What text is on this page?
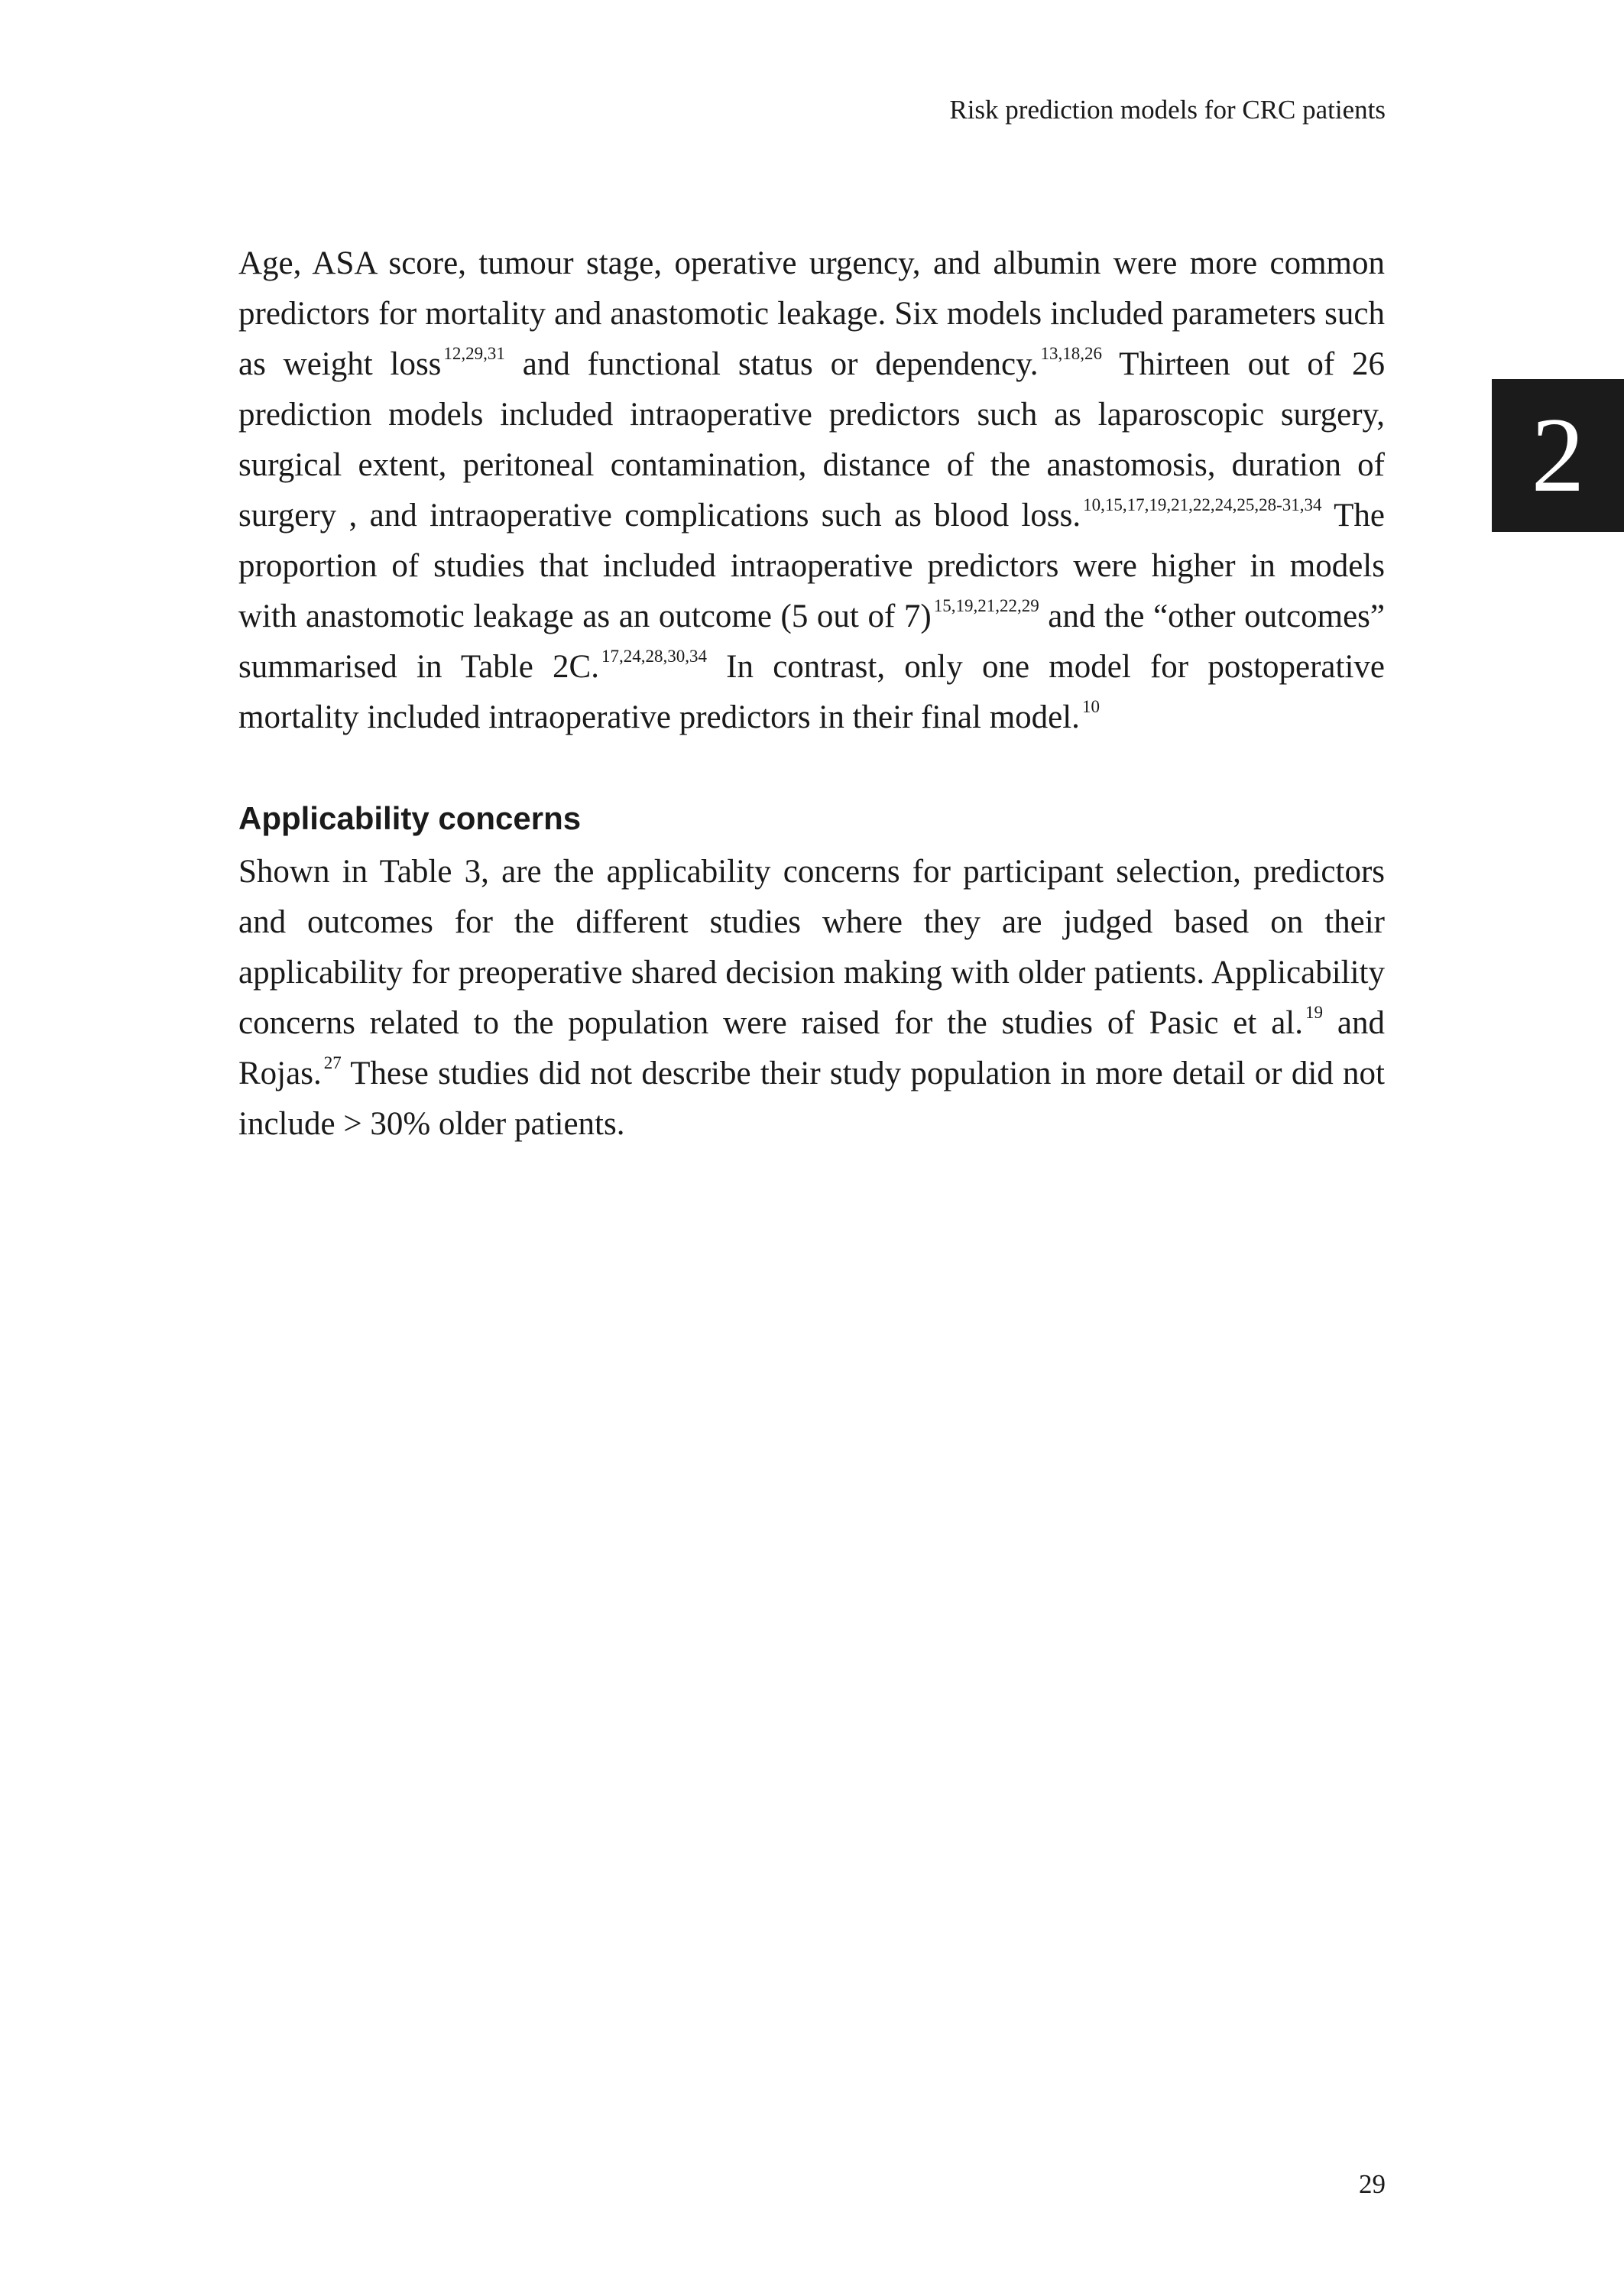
Risk prediction models for CRC patients
2

Age, ASA score, tumour stage, operative urgency, and albumin were more common predictors for mortality and anastomotic leakage. Six models included parameters such as weight loss $^{12,29,31}$ and functional status or dependency. $^{13,18,26}$ Thirteen out of 26 prediction models included intraoperative predictors such as laparoscopic surgery, surgical extent, peritoneal contamination, distance of the anastomosis, duration of surgery , and intraoperative complications such as blood loss. $^{10,15,17,19,21,22,24,25,28-31,34}$ The proportion of studies that included intraoperative predictors were higher in models with anastomotic leakage as an outcome (5 out of 7) $^{15,19,21,22,29}$ and the “other outcomes” summarised in Table 2C. $^{17,24,28,30,34}$ In contrast, only one model for postoperative mortality included intraoperative predictors in their final model. $^{10}$

Applicability concerns

Shown in Table 3, are the applicability concerns for participant selection, predictors and outcomes for the different studies where they are judged based on their applicability for preoperative shared decision making with older patients. Applicability concerns related to the population were raised for the studies of Pasic et al. $^{19}$ and Rojas. $^{27}$ These studies did not describe their study population in more detail or did not include > 30% older patients.

29
